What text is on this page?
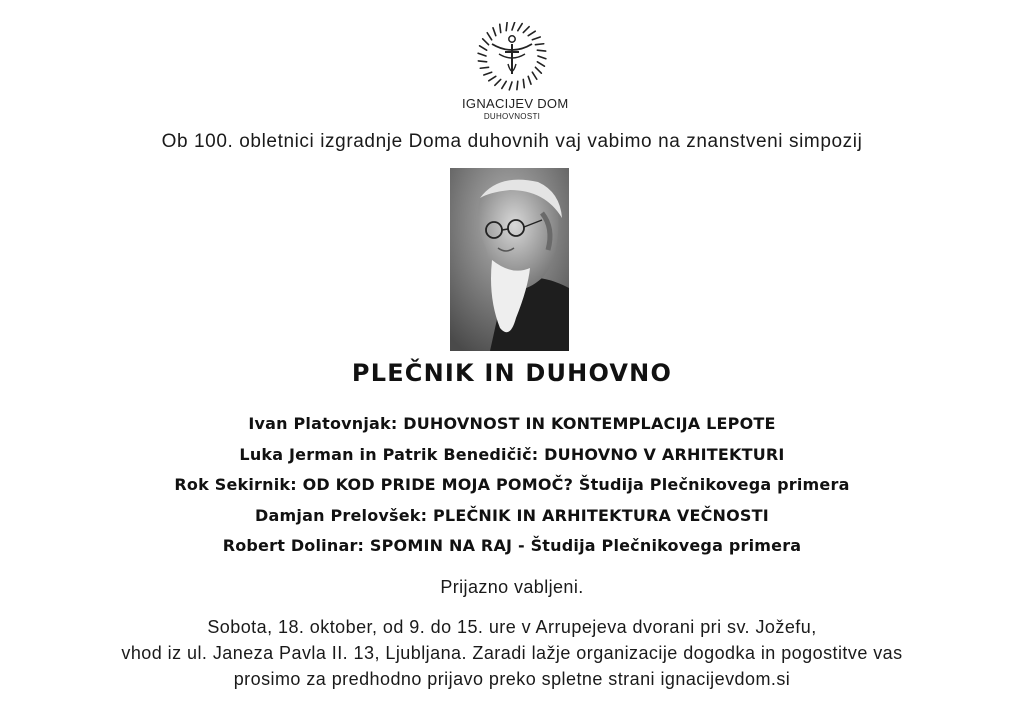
IGNACIJEV DOM
DUHOVNOSTI
Ob 100. obletnici izgradnje Doma duhovnih vaj vabimo na znanstveni simpozij
PLEČNIK IN DUHOVNO
Ivan Platovnjak: DUHOVNOST IN KONTEMPLACIJA LEPOTE
Luka Jerman in Patrik Benedičič: DUHOVNO V ARHITEKTURI
Rok Sekirnik: OD KOD PRIDE MOJA POMOČ? Študija Plečnikovega primera
Damjan Prelovšek: PLEČNIK IN ARHITEKTURA VEČNOSTI
Robert Dolinar: SPOMIN NA RAJ - Študija Plečnikovega primera
Prijazno vabljeni.
Sobota, 18. oktober, od 9. do 15. ure v Arrupejeva dvorani pri sv. Jožefu,
vhod iz ul. Janeza Pavla II. 13, Ljubljana. Zaradi lažje organizacije dogodka in pogostitve vas
prosimo za predhodno prijavo preko spletne strani ignacijevdom.si
